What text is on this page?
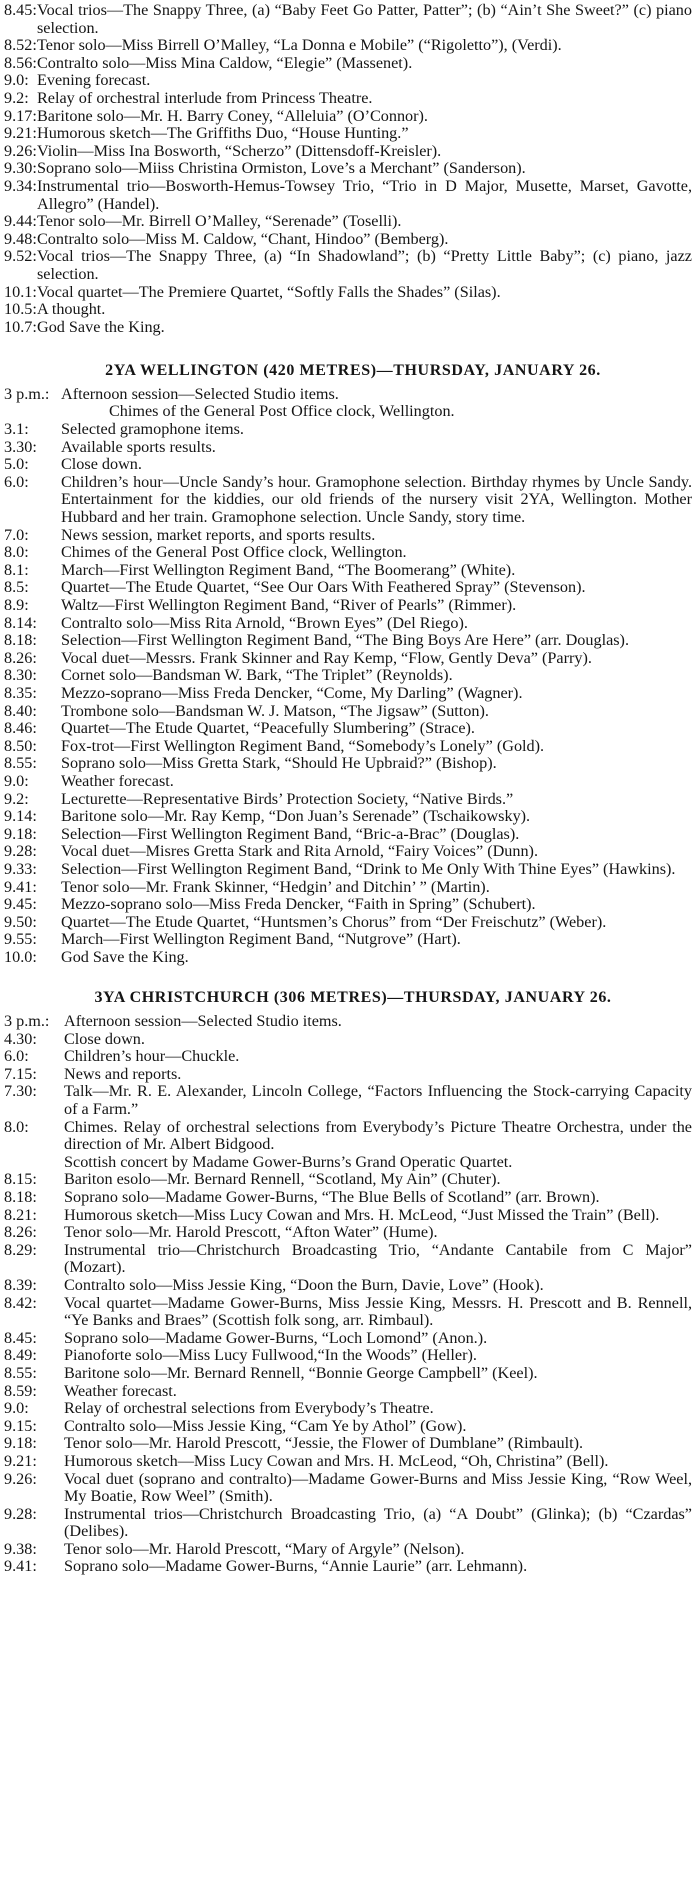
8.45: Vocal trios—The Snappy Three, (a) “Baby Feet Go Patter, Patter”; (b) “Ain’t She Sweet?” (c) piano selection.
8.52: Tenor solo—Miss Birrell O’Malley, “La Donna e Mobile” (“Rigoletto”), (Verdi).
8.56: Contralto solo—Miss Mina Caldow, “Elegie” (Massenet).
9.0: Evening forecast.
9.2: Relay of orchestral interlude from Princess Theatre.
9.17: Baritone solo—Mr. H. Barry Coney, “Alleluia” (O’Connor).
9.21: Humorous sketch—The Griffiths Duo, “House Hunting.”
9.26: Violin—Miss Ina Bosworth, “Scherzo” (Dittensdoff-Kreisler).
9.30: Soprano solo—Miiss Christina Ormiston, Love’s a Merchant” (Sanderson).
9.34: Instrumental trio—Bosworth-Hemus-Towsey Trio, “Trio in D Major, Musette, Marset, Gavotte, Allegro” (Handel).
9.44: Tenor solo—Mr. Birrell O’Malley, “Serenade” (Toselli).
9.48: Contralto solo—Miss M. Caldow, “Chant, Hindoo” (Bemberg).
9.52: Vocal trios—The Snappy Three, (a) “In Shadowland”; (b) “Pretty Little Baby”; (c) piano, jazz selection.
10.1: Vocal quartet—The Premiere Quartet, “Softly Falls the Shades” (Silas).
10.5: A thought.
10.7: God Save the King.
2YA WELLINGTON (420 METRES)—THURSDAY, JANUARY 26.
3 p.m.: Afternoon session—Selected Studio items.
Chimes of the General Post Office clock, Wellington.
3.1:	Selected gramophone items.
3.30:	Available sports results.
5.0:	Close down.
6.0:	Children’s hour—Uncle Sandy’s hour. Gramophone selection. Birthday rhymes by Uncle Sandy. Entertainment for the kiddies, our old friends of the nursery visit 2YA, Wellington. Mother Hubbard and her train. Gramophone selection. Uncle Sandy, story time.
7.0:	News session, market reports, and sports results.
8.0:	Chimes of the General Post Office clock, Wellington.
8.1:	March—First Wellington Regiment Band, “The Boomerang” (White).
8.5:	Quartet—The Etude Quartet, “See Our Oars With Feathered Spray” (Stevenson).
8.9:	Waltz—First Wellington Regiment Band, “River of Pearls” (Rimmer).
8.14:	Contralto solo—Miss Rita Arnold, “Brown Eyes” (Del Riego).
8.18:	Selection—First Wellington Regiment Band, “The Bing Boys Are Here” (arr. Douglas).
8.26:	Vocal duet—Messrs. Frank Skinner and Ray Kemp, “Flow, Gently Deva” (Parry).
8.30:	Cornet solo—Bandsman W. Bark, “The Triplet” (Reynolds).
8.35:	Mezzo-soprano—Miss Freda Dencker, “Come, My Darling” (Wagner).
8.40:	Trombone solo—Bandsman W. J. Matson, “The Jigsaw” (Sutton).
8.46:	Quartet—The Etude Quartet, “Peacefully Slumbering” (Strace).
8.50:	Fox-trot—First Wellington Regiment Band, “Somebody’s Lonely” (Gold).
8.55:	Soprano solo—Miss Gretta Stark, “Should He Upbraid?” (Bishop).
9.0:	Weather forecast.
9.2:	Lecturette—Representative Birds’ Protection Society, “Native Birds.”
9.14:	Baritone solo—Mr. Ray Kemp, “Don Juan’s Serenade” (Tschaikowsky).
9.18:	Selection—First Wellington Regiment Band, “Bric-a-Brac” (Douglas).
9.28:	Vocal duet—Misres Gretta Stark and Rita Arnold, “Fairy Voices” (Dunn).
9.33:	Selection—First Wellington Regiment Band, “Drink to Me Only With Thine Eyes” (Hawkins).
9.41:	Tenor solo—Mr. Frank Skinner, “Hedgin’ and Ditchin’ ” (Martin).
9.45:	Mezzo-soprano solo—Miss Freda Dencker, “Faith in Spring” (Schubert).
9.50:	Quartet—The Etude Quartet, “Huntsmen’s Chorus” from “Der Freischutz” (Weber).
9.55:	March—First Wellington Regiment Band, “Nutgrove” (Hart).
10.0:	God Save the King.
3YA CHRISTCHURCH (306 METRES)—THURSDAY, JANUARY 26.
3 p.m.: Afternoon session—Selected Studio items.
4.30:	Close down.
6.0:	Children’s hour—Chuckle.
7.15:	News and reports.
7.30:	Talk—Mr. R. E. Alexander, Lincoln College, “Factors Influencing the Stock-carrying Capacity of a Farm.”
8.0:	Chimes. Relay of orchestral selections from Everybody’s Picture Theatre Orchestra, under the direction of Mr. Albert Bidgood.
Scottish concert by Madame Gower-Burns’s Grand Operatic Quartet.
8.15:	Bariton esolo—Mr. Bernard Rennell, “Scotland, My Ain” (Chuter).
8.18:	Soprano solo—Madame Gower-Burns, “The Blue Bells of Scotland” (arr. Brown).
8.21:	Humorous sketch—Miss Lucy Cowan and Mrs. H. McLeod, “Just Missed the Train” (Bell).
8.26:	Tenor solo—Mr. Harold Prescott, “Afton Water” (Hume).
8.29:	Instrumental trio—Christchurch Broadcasting Trio, “Andante Cantabile from C Major” (Mozart).
8.39:	Contralto solo—Miss Jessie King, “Doon the Burn, Davie, Love” (Hook).
8.42:	Vocal quartet—Madame Gower-Burns, Miss Jessie King, Messrs. H. Prescott and B. Rennell, “Ye Banks and Braes” (Scottish folk song, arr. Rimbaul).
8.45:	Soprano solo—Madame Gower-Burns, “Loch Lomond” (Anon.).
8.49:	Pianoforte solo—Miss Lucy Fullwood,“In the Woods” (Heller).
8.55:	Baritone solo—Mr. Bernard Rennell, “Bonnie George Campbell” (Keel).
8.59:	Weather forecast.
9.0:	Relay of orchestral selections from Everybody’s Theatre.
9.15:	Contralto solo—Miss Jessie King, “Cam Ye by Athol” (Gow).
9.18:	Tenor solo—Mr. Harold Prescott, “Jessie, the Flower of Dumblane” (Rimbault).
9.21:	Humorous sketch—Miss Lucy Cowan and Mrs. H. McLeod, “Oh, Christina” (Bell).
9.26:	Vocal duet (soprano and contralto)—Madame Gower-Burns and Miss Jessie King, “Row Weel, My Boatie, Row Weel” (Smith).
9.28:	Instrumental trios—Christchurch Broadcasting Trio, (a) “A Doubt” (Glinka); (b) “Czardas” (Delibes).
9.38:	Tenor solo—Mr. Harold Prescott, “Mary of Argyle” (Nelson).
9.41:	Soprano solo—Madame Gower-Burns, “Annie Laurie” (arr. Lehmann).
